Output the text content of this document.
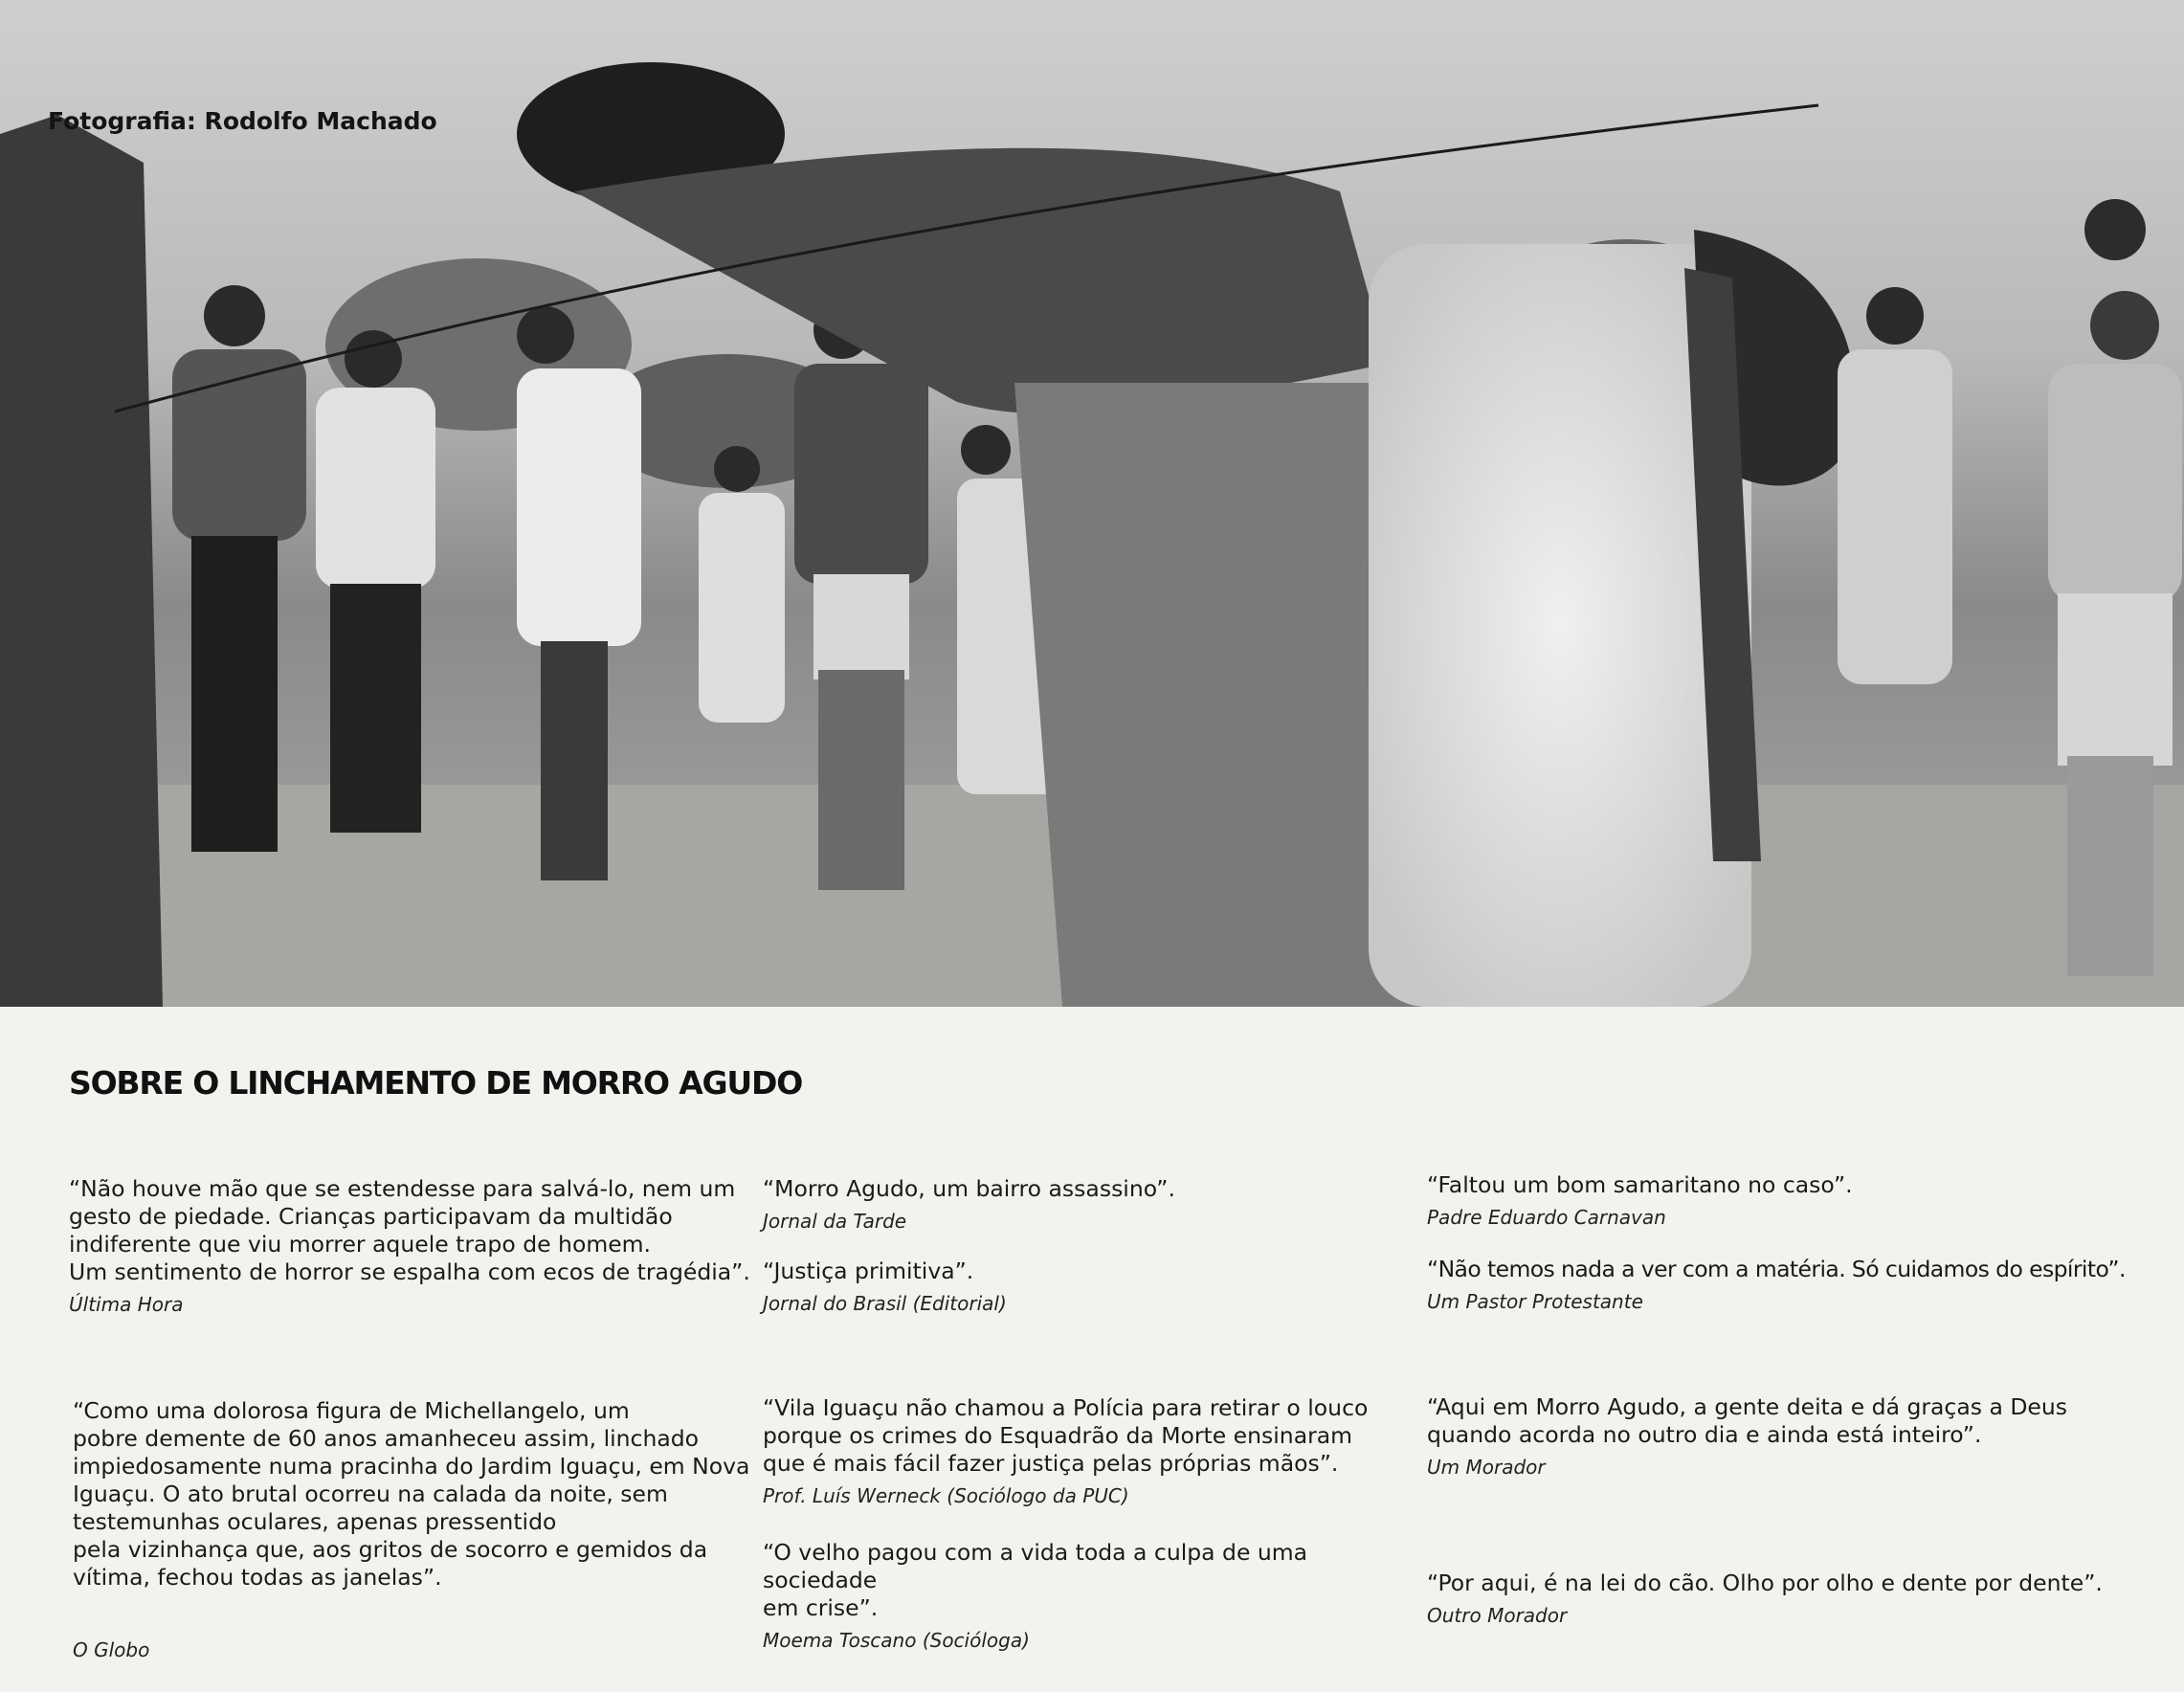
Fotografia: Rodolfo Machado
SOBRE O LINCHAMENTO DE MORRO AGUDO
“Não houve mão que se estendesse para salvá-lo, nem um
gesto de piedade. Crianças participavam da multidão
indiferente que viu morrer aquele trapo de homem.
Um sentimento de horror se espalha com ecos de tragédia”.
Última Hora
“Como uma dolorosa figura de Michellangelo, um
pobre demente de 60 anos amanheceu assim, linchado
impiedosamente numa pracinha do Jardim Iguaçu, em Nova
Iguaçu. O ato brutal ocorreu na calada da noite, sem
testemunhas oculares, apenas pressentido
pela vizinhança que, aos gritos de socorro e gemidos da
vítima, fechou todas as janelas”.
O Globo
“Morro Agudo, um bairro assassino”.
Jornal da Tarde
“Justiça primitiva”.
Jornal do Brasil (Editorial)
“Vila Iguaçu não chamou a Polícia para retirar o louco
porque os crimes do Esquadrão da Morte ensinaram
que é mais fácil fazer justiça pelas próprias mãos”.
Prof. Luís Werneck (Sociólogo da PUC)
“O velho pagou com a vida toda a culpa de uma sociedade
em crise”.
Moema Toscano (Socióloga)
“Faltou um bom samaritano no caso”.
Padre Eduardo Carnavan
“Não temos nada a ver com a matéria. Só cuidamos do espírito”.
Um Pastor Protestante
“Aqui em Morro Agudo, a gente deita e dá graças a Deus
quando acorda no outro dia e ainda está inteiro”.
Um Morador
“Por aqui, é na lei do cão. Olho por olho e dente por dente”.
Outro Morador
